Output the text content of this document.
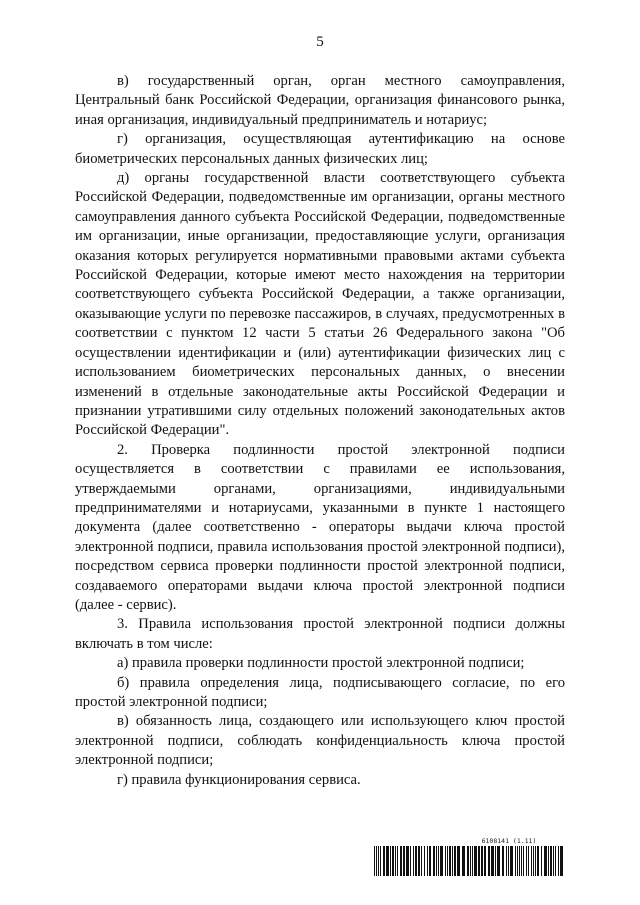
5

в) государственный орган, орган местного самоуправления, Центральный банк Российской Федерации, организация финансового рынка, иная организация, индивидуальный предприниматель и нотариус;

г) организация, осуществляющая аутентификацию на основе биометрических персональных данных физических лиц;

д) органы государственной власти соответствующего субъекта Российской Федерации, подведомственные им организации, органы местного самоуправления данного субъекта Российской Федерации, подведомственные им организации, иные организации, предоставляющие услуги, организация оказания которых регулируется нормативными правовыми актами субъекта Российской Федерации, которые имеют место нахождения на территории соответствующего субъекта Российской Федерации, а также организации, оказывающие услуги по перевозке пассажиров, в случаях, предусмотренных в соответствии с пунктом 12 части 5 статьи 26 Федерального закона "Об осуществлении идентификации и (или) аутентификации физических лиц с использованием биометрических персональных данных, о внесении изменений в отдельные законодательные акты Российской Федерации и признании утратившими силу отдельных положений законодательных актов Российской Федерации".

2. Проверка подлинности простой электронной подписи осуществляется в соответствии с правилами ее использования, утверждаемыми органами, организациями, индивидуальными предпринимателями и нотариусами, указанными в пункте 1 настоящего документа (далее соответственно - операторы выдачи ключа простой электронной подписи, правила использования простой электронной подписи), посредством сервиса проверки подлинности простой электронной подписи, создаваемого операторами выдачи ключа простой электронной подписи (далее - сервис).

3. Правила использования простой электронной подписи должны включать в том числе:

а) правила проверки подлинности простой электронной подписи;

б) правила определения лица, подписывающего согласие, по его простой электронной подписи;

в) обязанность лица, создающего или использующего ключ простой электронной подписи, соблюдать конфиденциальность ключа простой электронной подписи;

г) правила функционирования сервиса.

6108141 (1.11)
